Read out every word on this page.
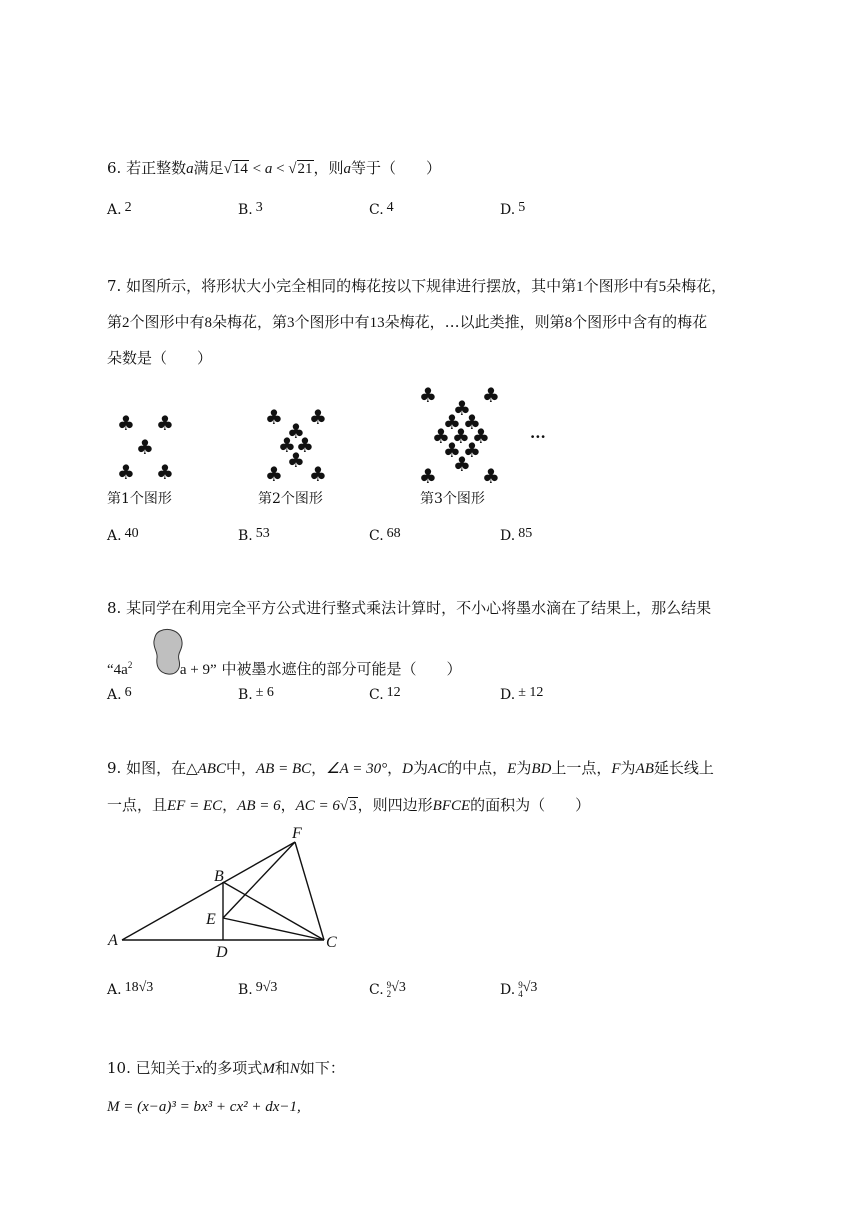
6. 若正整数a满足√14 < a < √21，则a等于（　　）
A. 2	B. 3	C. 4	D. 5
7. 如图所示，将形状大小完全相同的梅花按以下规律进行摆放，其中第1个图形中有5朵梅花，
第2个图形中有8朵梅花，第3个图形中有13朵梅花，…以此类推，则第8个图形中含有的梅花
朵数是（　　）
♣ ♣
♣
♣ ♣
♣ ♣
♣
♣ ♣
♣
♣ ♣
♣ ♣
♣
♣ ♣
♣ ♣ ♣
♣ ♣
♣
♣ ♣
···
第1个图形	第2个图形	第3个图形
A. 40	B. 53	C. 68	D. 85
8. 某同学在利用完全平方公式进行整式乘法计算时，不小心将墨水滴在了结果上，那么结果
“$4a^2$	a + 9” 中被墨水遮住的部分可能是（　　）
A. 6	B. ± 6	C. 12	D. ± 12
9. 如图，在△ABC中，AB = BC，∠A = 30°，D为AC的中点，E为BD上一点，F为AB延长线上
一点，且EF = EC，AB = 6，AC = 6√3，则四边形BFCE的面积为（　　）
A
B
C
D
E
F
A. 18√3	B. 9√3	C. 9
2 √3	D. 9
4 √3
10. 已知关于x的多项式M和N如下：
M = (x−a)³ = bx³ + cx² + dx−1,
